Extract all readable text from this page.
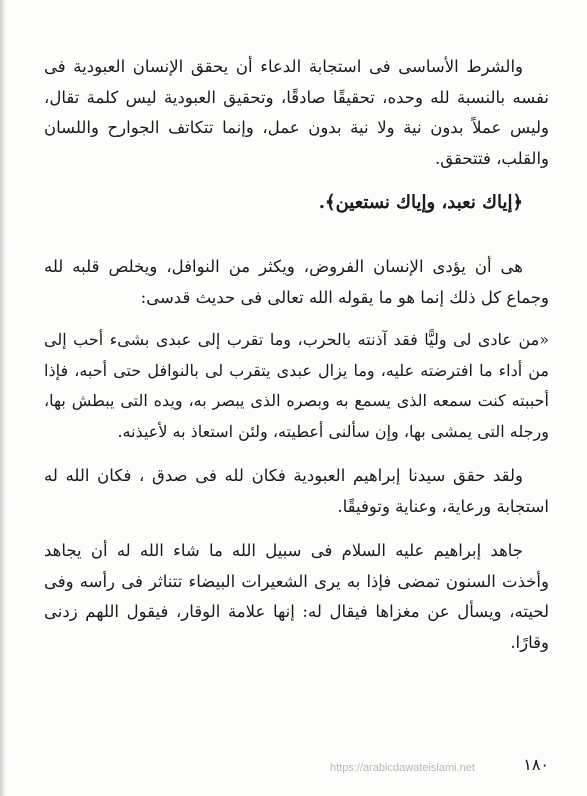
والشرط الأساسى فى استجابة الدعاء أن يحقق الإنسان العبودية فى نفسه بالنسبة لله وحده، تحقيقًا صادقًا، وتحقيق العبودية ليس كلمة تقال، وليس عملاً بدون نية ولا نية بدون عمل، وإنما تتكاتف الجوارح واللسان والقلب، فتتحقق.

﴿إياك نعبد، وإياك نستعين﴾.

هى أن يؤدى الإنسان الفروض، ويكثر من النوافل، ويخلص قلبه لله وجماع كل ذلك إنما هو ما يقوله الله تعالى فى حديث قدسى:

«من عادى لى وليًّا فقد آذنته بالحرب، وما تقرب إلى عبدى بشىء أحب إلى من أداء ما افترضته عليه، وما يزال عبدى يتقرب لى بالنوافل حتى أحبه، فإذا أحببته كنت سمعه الذى يسمع به وبصره الذى يبصر به، ويده التى يبطش بها، ورجله التى يمشى بها، وإن سألنى أعطيته، ولئن استعاذ به لأعيذنه.

ولقد حقق سيدنا إبراهيم العبودية فكان لله فى صدق ، فكان الله له استجابة ورعاية، وعناية وتوفيقًا.

جاهد إبراهيم عليه السلام فى سبيل الله ما شاء الله له أن يجاهد وأخذت السنون تمضى فإذا به يرى الشعيرات البيضاء تتناثر فى رأسه وفى لحيته، ويسأل عن مغزاها فيقال له: إنها علامة الوقار، فيقول اللهم زدنى وقارًا.

١٨٠
https://arabicdawateislami.net
